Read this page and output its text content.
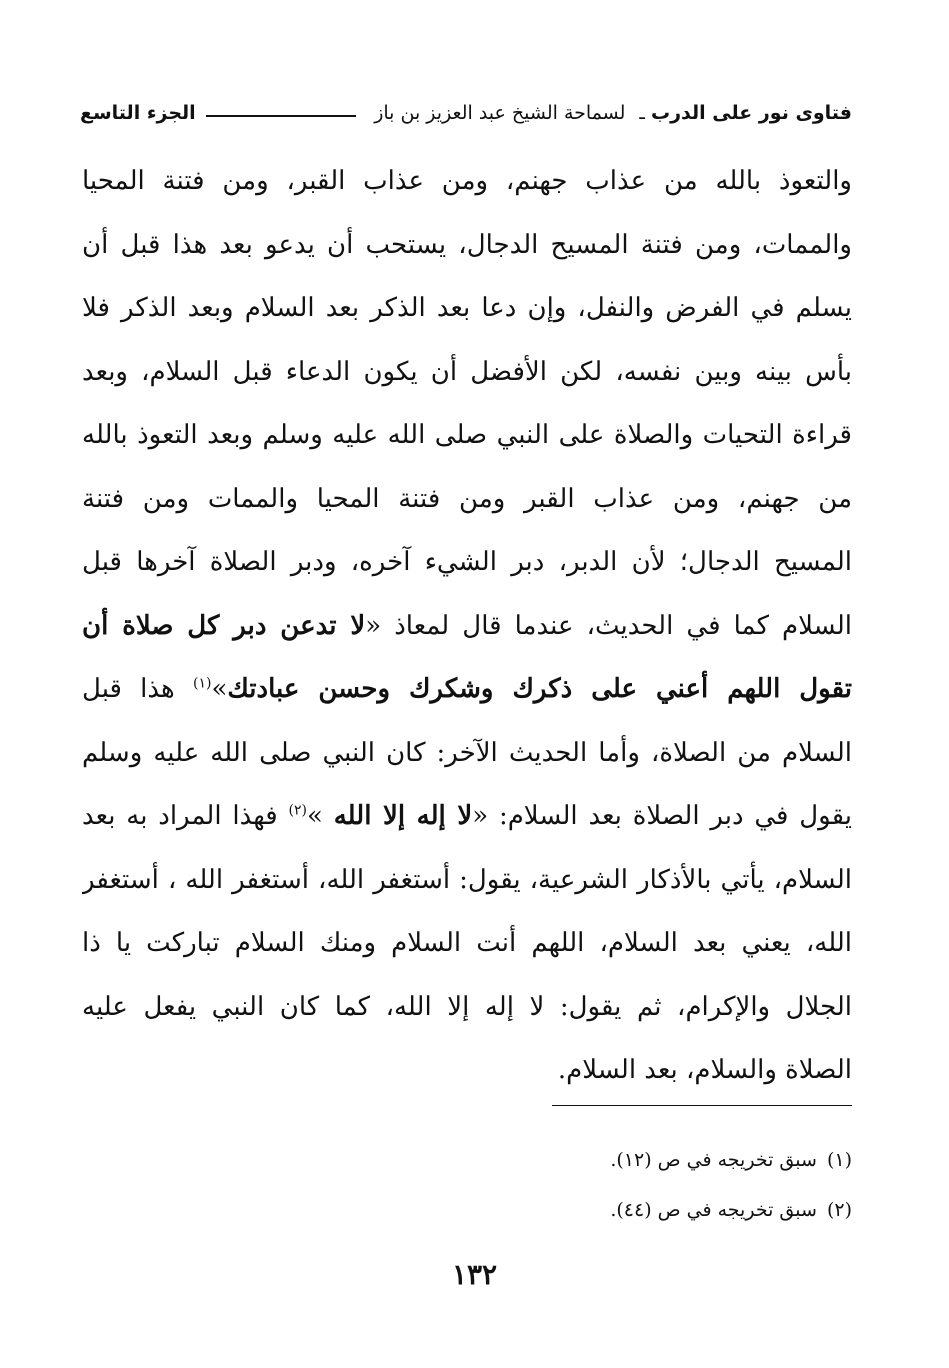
فتاوى نور على الدرب
ـ
لسماحة الشيخ عبد العزيز بن باز
الجزء التاسع
والتعوذ بالله من عذاب جهنم، ومن عذاب القبر، ومن فتنة المحيا
والممات، ومن فتنة المسيح الدجال، يستحب أن يدعو بعد هذا قبل أن
يسلم في الفرض والنفل، وإن دعا بعد الذكر بعد السلام وبعد الذكر فلا
بأس بينه وبين نفسه، لكن الأفضل أن يكون الدعاء قبل السلام، وبعد
قراءة التحيات والصلاة على النبي صلى الله عليه وسلم وبعد التعوذ بالله
من جهنم، ومن عذاب القبر ومن فتنة المحيا والممات ومن فتنة
المسيح الدجال؛ لأن الدبر، دبر الشيء آخره، ودبر الصلاة آخرها قبل
السلام كما في الحديث، عندما قال لمعاذ «لا تدعن دبر كل صلاة أن
تقول اللهم أعني على ذكرك وشكرك وحسن عبادتك»$^{(١)}$ هذا قبل
السلام من الصلاة، وأما الحديث الآخر: كان النبي صلى الله عليه وسلم
يقول في دبر الصلاة بعد السلام: «لا إله إلا الله »$^{(٢)}$ فهذا المراد به بعد
السلام، يأتي بالأذكار الشرعية، يقول: أستغفر الله، أستغفر الله ، أستغفر
الله، يعني بعد السلام، اللهم أنت السلام ومنك السلام تباركت يا ذا
الجلال والإكرام، ثم يقول: لا إله إلا الله، كما كان النبي يفعل عليه
الصلاة والسلام، بعد السلام.
(١)سبق تخريجه في ص (١٢).
(٢)سبق تخريجه في ص (٤٤).
١٣٢
